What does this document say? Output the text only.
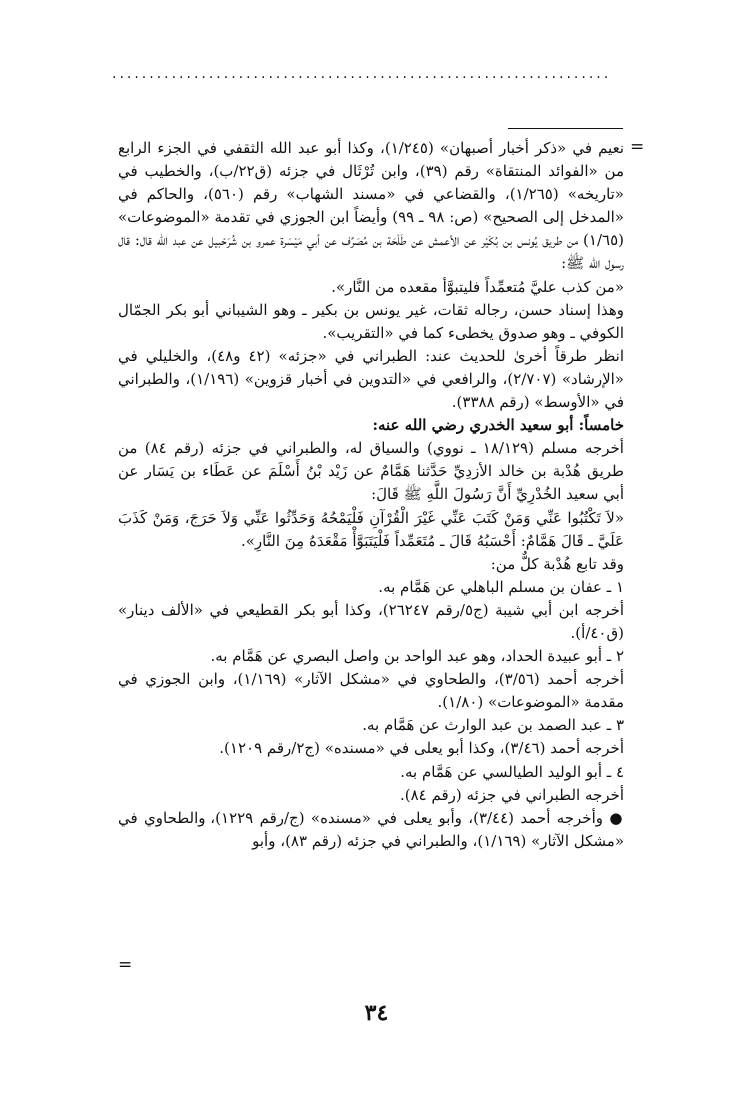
...................................................................
=

نعيم في «ذكر أخبار أصبهان» (١/٢٤٥)، وكذا أبو عبد الله الثقفي في الجزء الرابع من «الفوائد المنتقاة» رقم (٣٩)، وابن تُرْثَال في جزئه (ق٢٢/ب)، والخطيب في «تاريخه» (١/٢٦٥)، والقضاعي في «مسند الشهاب» رقم (٥٦٠)، والحاكم في «المدخل إلى الصحيح» (ص: ٩٨ ـ ٩٩) وأيضاً ابن الجوزي في تقدمة «الموضوعات» (١/٦٥) من طريق يُونس بن بُكَيْر عن الأعمش عن طَلْحَة بن مُصَرِّف عن أبي مَيْسَرة عمرو بن شُرَحْبيل عن عبد الله قال: قال رسول الله ﷺ:

«من كذب عليَّ مُتعمِّداً فليتبوَّأ مقعده من النَّار».

وهذا إسناد حسن، رجاله ثقات، غير يونس بن بكير ـ وهو الشيباني أبو بكر الجمّال الكوفي ـ وهو صدوق يخطىء كما في «التقريب».

انظر طرقاً أخرىٰ للحديث عند: الطبراني في «جزئه» (٤٢ و٤٨)، والخليلي في «الإرشاد» (٢/٧٠٧)، والرافعي في «التدوين في أخبار قزوين» (١/١٩٦)، والطبراني في «الأوسط» (رقم ٣٣٨٨).

خامساً: أبو سعيد الخدري رضي الله عنه:

أخرجه مسلم (١٨/١٢٩ ـ نووي) والسياق له، والطبراني في جزئه (رقم ٨٤) من طريق هُدْبة بن خالد الأزدِيِّ حَدَّثنا هَمَّامٌ عن زَيْد بْنُ أَسْلَمَ عن عَطَاء بن يَسَار عن أبي سعيد الخُدْرِيِّ أَنَّ رَسُولَ اللَّهِ ﷺ قَالَ:

«لاَ تَكْتُبُوا عَنِّي وَمَنْ كَتَبَ عَنِّي غَيْرَ الْقُرْآنِ فَلْيَمْحُهُ وَحَدِّثُوا عَنِّي وَلاَ حَرَجَ، وَمَنْ كَذَبَ عَلَيَّ ـ قَالَ هَمَّامٌ: أَحْسَبُهُ قَالَ ـ مُتَعَمِّداً فَلْيَتَبَوَّأْ مَقْعَدَهُ مِنَ النَّارِ».

وقد تابع هُدْبة كلٌّ من:

١ ـ عفان بن مسلم الباهلي عن هَمَّام به.

أخرجه ابن أبي شيبة (ج٥/رقم ٢٦٢٤٧)، وكذا أبو بكر القطيعي في «الألف دينار» (ق٤٠/أ).

٢ ـ أبو عبيدة الحداد، وهو عبد الواحد بن واصل البصري عن هَمَّام به.

أخرجه أحمد (٣/٥٦)، والطحاوي في «مشكل الآثار» (١/١٦٩)، وابن الجوزي في مقدمة «الموضوعات» (١/٨٠).

٣ ـ عبد الصمد بن عبد الوارث عن هَمَّام به.

أخرجه أحمد (٣/٤٦)، وكذا أبو يعلى في «مسنده» (ج٢/رقم ١٢٠٩).

٤ ـ أبو الوليد الطيالسي عن هَمَّام به.

أخرجه الطبراني في جزئه (رقم ٨٤).

● وأخرجه أحمد (٣/٤٤)، وأبو يعلى في «مسنده» (ج/رقم ١٢٢٩)، والطحاوي في «مشكل الآثار» (١/١٦٩)، والطبراني في جزئه (رقم ٨٣)، وأبو

=
٣٤
